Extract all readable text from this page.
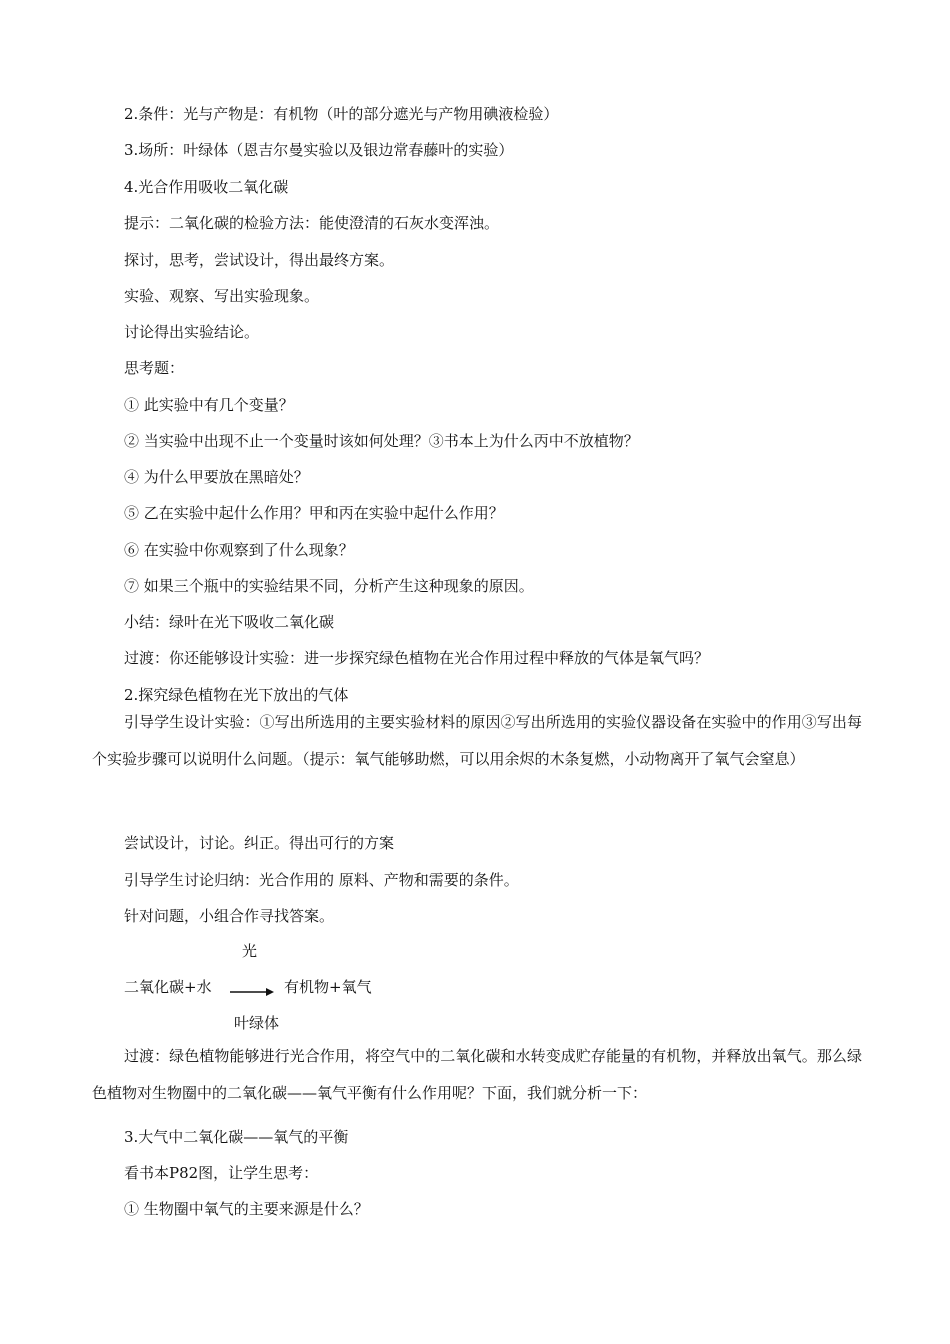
2.条件：光与产物是：有机物（叶的部分遮光与产物用碘液检验）
3.场所：叶绿体（恩吉尔曼实验以及银边常春藤叶的实验）
4.光合作用吸收二氧化碳
提示：二氧化碳的检验方法：能使澄清的石灰水变浑浊。
探讨，思考，尝试设计，得出最终方案。
实验、观察、写出实验现象。
讨论得出实验结论。
思考题：
① 此实验中有几个变量？
② 当实验中出现不止一个变量时该如何处理？③书本上为什么丙中不放植物？
④ 为什么甲要放在黑暗处？
⑤ 乙在实验中起什么作用？甲和丙在实验中起什么作用？
⑥ 在实验中你观察到了什么现象？
⑦ 如果三个瓶中的实验结果不同，分析产生这种现象的原因。
小结：绿叶在光下吸收二氧化碳
过渡：你还能够设计实验：进一步探究绿色植物在光合作用过程中释放的气体是氧气吗？
2.探究绿色植物在光下放出的气体
引导学生设计实验：①写出所选用的主要实验材料的原因②写出所选用的实验仪器设备在实验中的作用③写出每个实验步骤可以说明什么问题。（提示：氧气能够助燃，可以用余烬的木条复燃，小动物离开了氧气会窒息）
尝试设计，讨论。纠正。得出可行的方案
引导学生讨论归纳：光合作用的 原料、产物和需要的条件。
针对问题，小组合作寻找答案。
光
二氧化碳+水 → 有机物+氧气
叶绿体
过渡：绿色植物能够进行光合作用，将空气中的二氧化碳和水转变成贮存能量的有机物，并释放出氧气。那么绿色植物对生物圈中的二氧化碳——氧气平衡有什么作用呢？下面，我们就分析一下：
3.大气中二氧化碳——氧气的平衡
看书本P82图，让学生思考：
① 生物圈中氧气的主要来源是什么？
